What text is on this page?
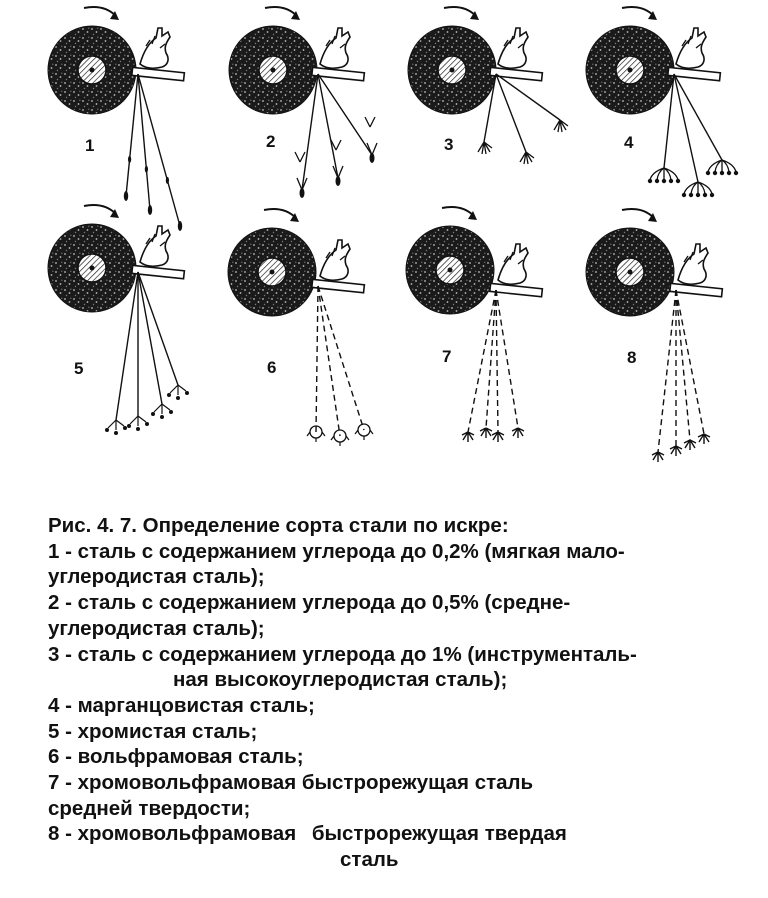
1	2	3	4
5	6
7	8
Рис. 4. 7. Определение сорта стали по искре:
1 - сталь с содержанием углерода до 0,2% (мягкая мало-
углеродистая сталь);
2 - сталь с содержанием углерода до 0,5% (средне-
углеродистая сталь);
3 - сталь с содержанием углерода до 1% (инструменталь-
ная высокоуглеродистая сталь);
4 - марганцовистая сталь;
5 - хромистая сталь;
6 - вольфрамовая сталь;
7 - хромовольфрамовая быстрорежущая сталь
средней твердости;
8 - хромовольфрамовая быстрорежущая твердая
сталь
